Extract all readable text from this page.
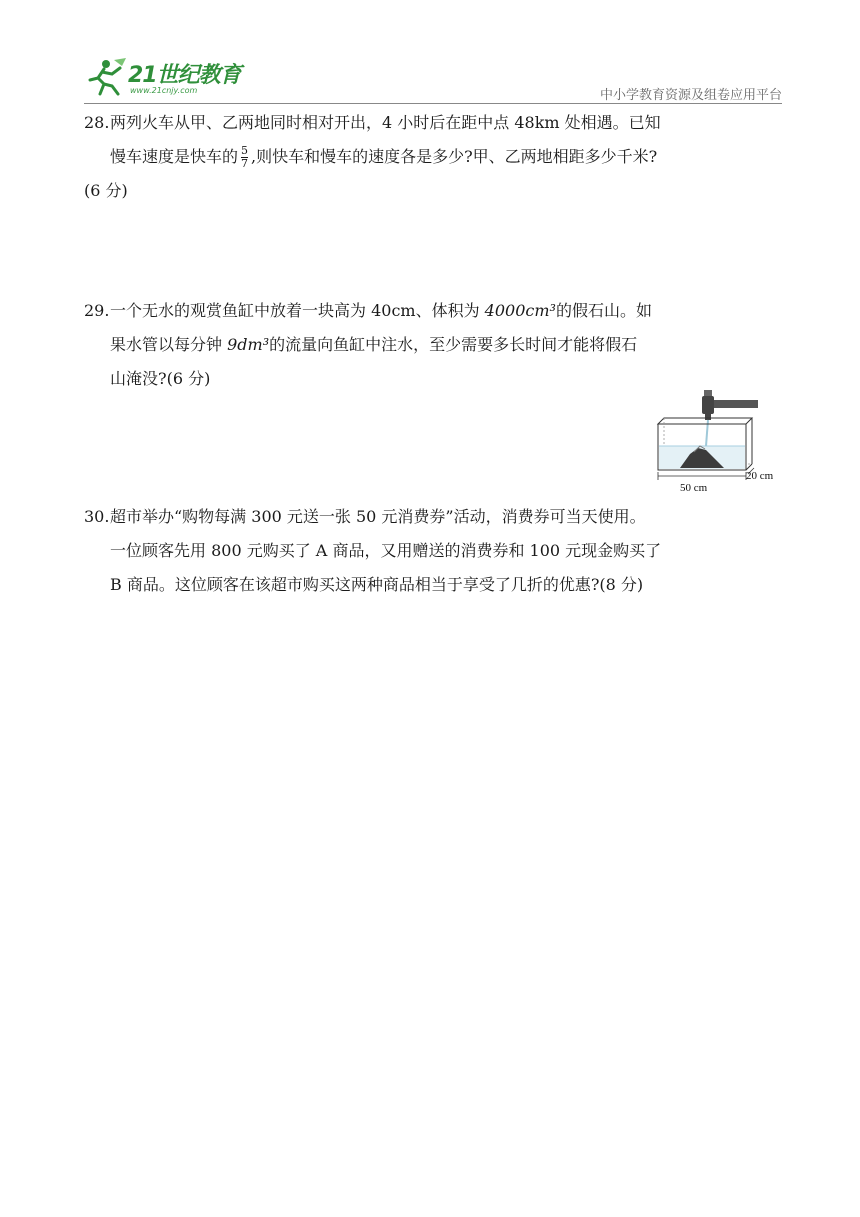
21世纪教育
www.21cnjy.com	中小学教育资源及组卷应用平台
28. 两列火车从甲、乙两地同时相对开出，4 小时后在距中点 48km 处相遇。已知
慢车速度是快车的 $\frac{5}{7}$ ,则快车和慢车的速度各是多少?甲、乙两地相距多少千米?
(6 分)
29. 一个无水的观赏鱼缸中放着一块高为 40cm、体积为 4000cm³的假石山。如
果水管以每分钟 9dm³的流量向鱼缸中注水，至少需要多长时间才能将假石
山淹没?(6 分)
50 cm
20 cm
30. 超市举办“购物每满 300 元送一张 50 元消费券”活动，消费券可当天使用。
一位顾客先用 800 元购买了 A 商品，又用赠送的消费券和 100 元现金购买了
B 商品。这位顾客在该超市购买这两种商品相当于享受了几折的优惠?(8 分)
